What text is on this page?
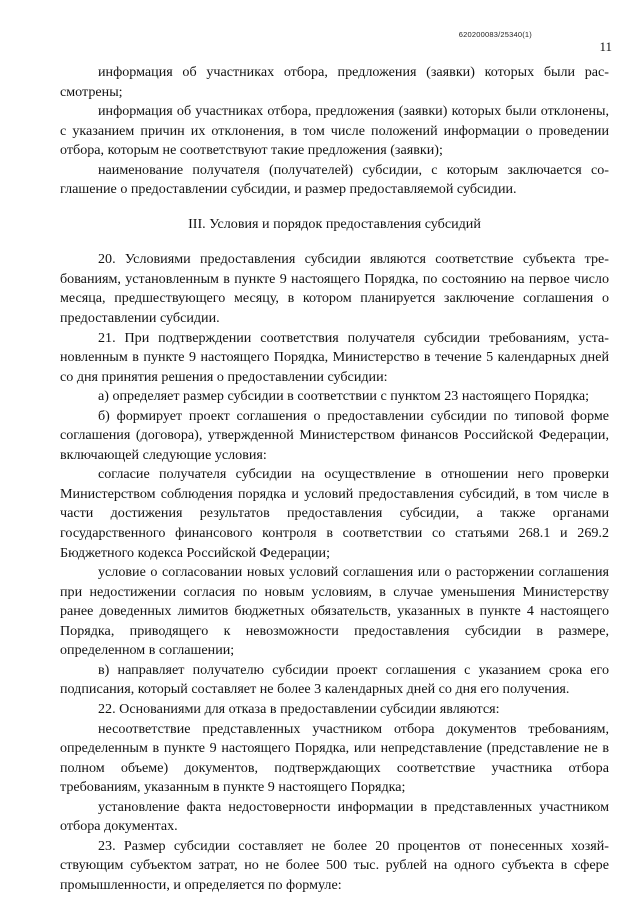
620200083/25340(1)
11

информация об участниках отбора, предложения (заявки) которых были рассмотрены;

информация об участниках отбора, предложения (заявки) которых были отклонены, с указанием причин их отклонения, в том числе положений информации о проведении отбора, которым не соответствуют такие предложения (заявки);

наименование получателя (получателей) субсидии, с которым заключается соглашение о предоставлении субсидии, и размер предоставляемой субсидии.

III. Условия и порядок предоставления субсидий

20. Условиями предоставления субсидии являются соответствие субъекта требованиям, установленным в пункте 9 настоящего Порядка, по состоянию на первое число месяца, предшествующего месяцу, в котором планируется заключение соглашения о предоставлении субсидии.

21. При подтверждении соответствия получателя субсидии требованиям, установленным в пункте 9 настоящего Порядка, Министерство в течение 5 календарных дней со дня принятия решения о предоставлении субсидии:

а) определяет размер субсидии в соответствии с пунктом 23 настоящего Порядка;

б) формирует проект соглашения о предоставлении субсидии по типовой форме соглашения (договора), утвержденной Министерством финансов Российской Федерации, включающей следующие условия:

согласие получателя субсидии на осуществление в отношении него проверки Министерством соблюдения порядка и условий предоставления субсидий, в том числе в части достижения результатов предоставления субсидии, а также органами государственного финансового контроля в соответствии со статьями 268.1 и 269.2 Бюджетного кодекса Российской Федерации;

условие о согласовании новых условий соглашения или о расторжении соглашения при недостижении согласия по новым условиям, в случае уменьшения Министерству ранее доведенных лимитов бюджетных обязательств, указанных в пункте 4 настоящего Порядка, приводящего к невозможности предоставления субсидии в размере, определенном в соглашении;

в) направляет получателю субсидии проект соглашения с указанием срока его подписания, который составляет не более 3 календарных дней со дня его получения.

22. Основаниями для отказа в предоставлении субсидии являются:

несоответствие представленных участником отбора документов требованиям, определенным в пункте 9 настоящего Порядка, или непредставление (представление не в полном объеме) документов, подтверждающих соответствие участника отбора требованиям, указанным в пункте 9 настоящего Порядка;

установление факта недостоверности информации в представленных участником отбора документах.

23. Размер субсидии составляет не более 20 процентов от понесенных хозяйствующим субъектом затрат, но не более 500 тыс. рублей на одного субъекта в сфере промышленности, и определяется по формуле:
